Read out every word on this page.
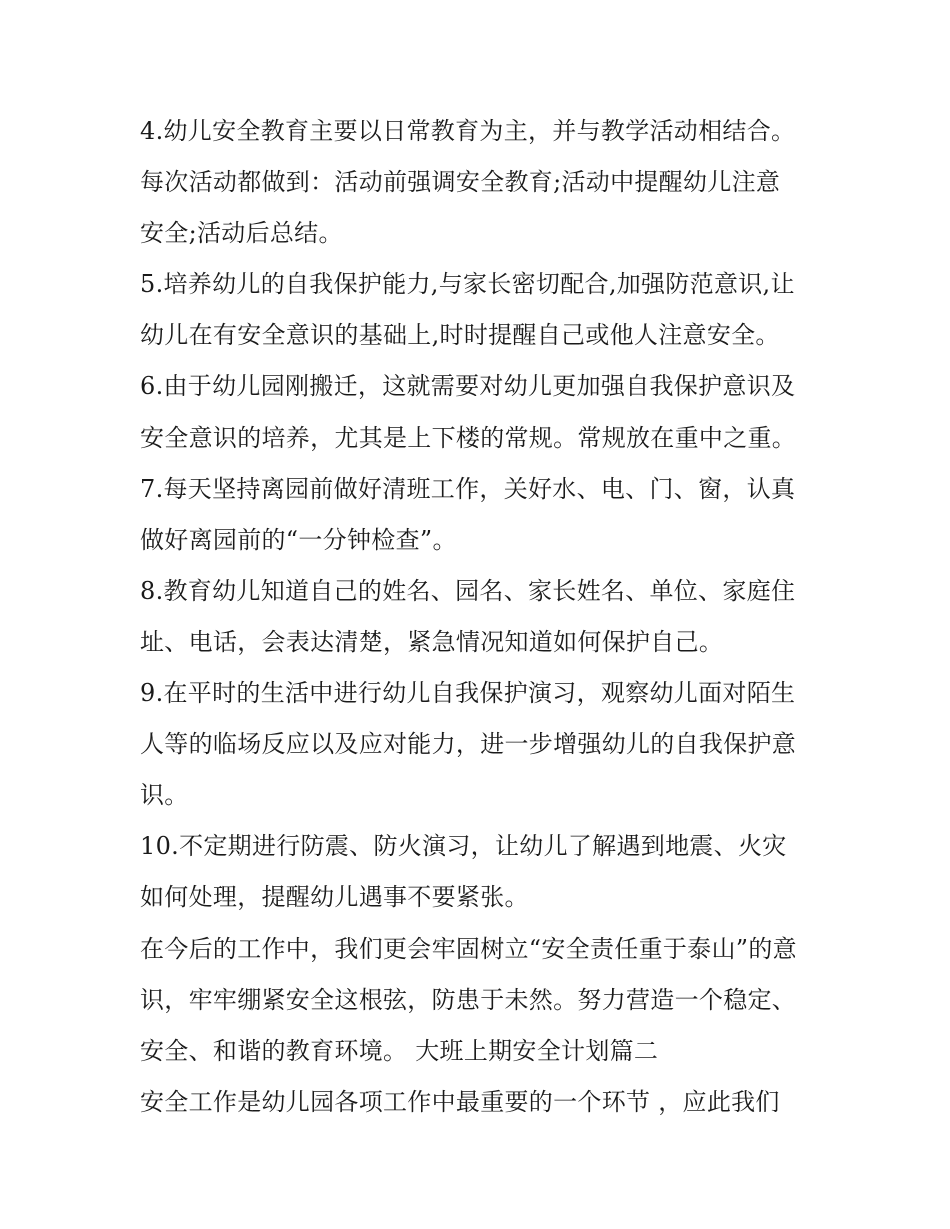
4.幼儿安全教育主要以日常教育为主，并与教学活动相结合。
每次活动都做到：活动前强调安全教育;活动中提醒幼儿注意
安全;活动后总结。
5.培养幼儿的自我保护能力,与家长密切配合,加强防范意识,让
幼儿在有安全意识的基础上,时时提醒自己或他人注意安全。
6.由于幼儿园刚搬迁，这就需要对幼儿更加强自我保护意识及
安全意识的培养，尤其是上下楼的常规。常规放在重中之重。
7.每天坚持离园前做好清班工作，关好水、电、门、窗，认真
做好离园前的“一分钟检查”。
8.教育幼儿知道自己的姓名、园名、家长姓名、单位、家庭住
址、电话，会表达清楚，紧急情况知道如何保护自己。
9.在平时的生活中进行幼儿自我保护演习，观察幼儿面对陌生
人等的临场反应以及应对能力，进一步增强幼儿的自我保护意
识。
10.不定期进行防震、防火演习，让幼儿了解遇到地震、火灾
如何处理，提醒幼儿遇事不要紧张。
在今后的工作中，我们更会牢固树立“安全责任重于泰山”的意
识，牢牢绷紧安全这根弦，防患于未然。努力营造一个稳定、
安全、和谐的教育环境。 大班上期安全计划篇二
安全工作是幼儿园各项工作中最重要的一个环节 ，应此我们
